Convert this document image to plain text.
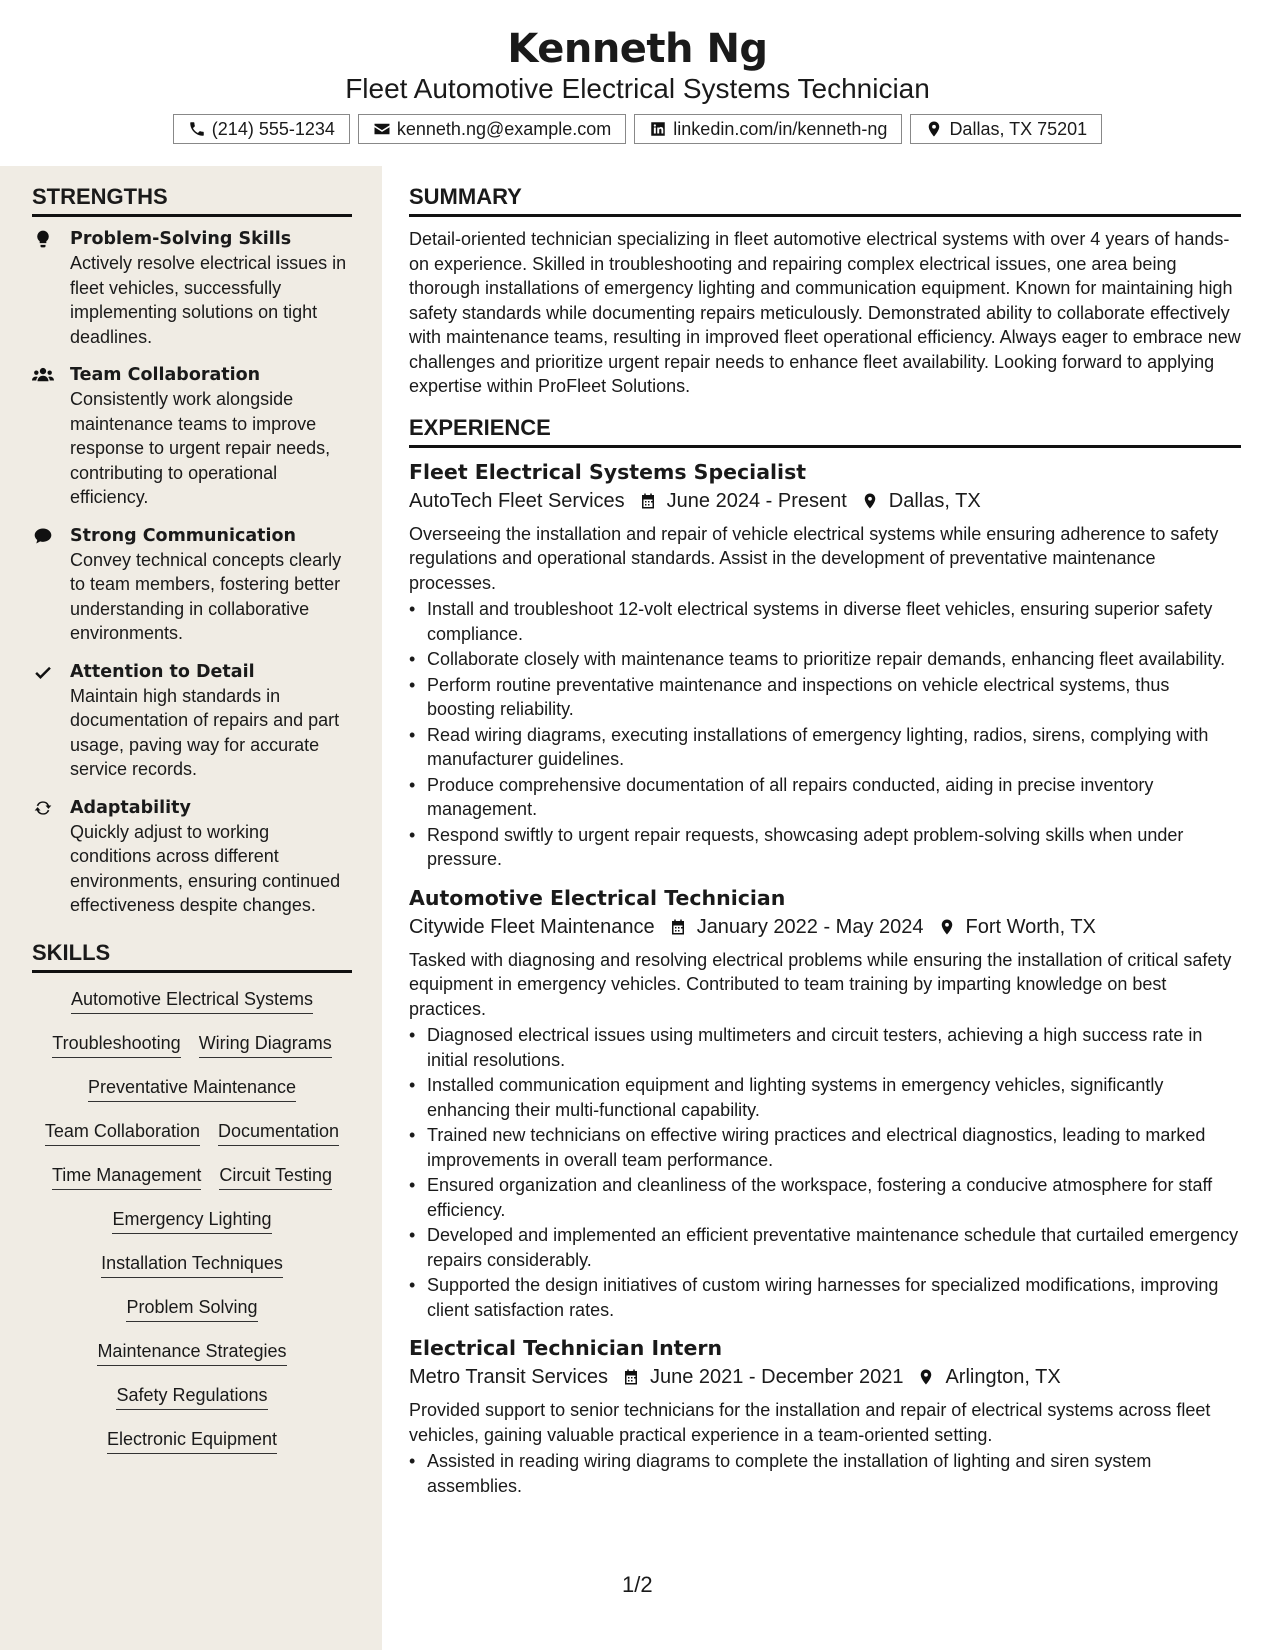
Kenneth Ng
Fleet Automotive Electrical Systems Technician
(214) 555-1234	kenneth.ng@example.com	linkedin.com/in/kenneth-ng	Dallas, TX 75201
STRENGTHS
Problem-Solving Skills
Actively resolve electrical issues in fleet vehicles, successfully implementing solutions on tight deadlines.
Team Collaboration
Consistently work alongside maintenance teams to improve response to urgent repair needs, contributing to operational efficiency.
Strong Communication
Convey technical concepts clearly to team members, fostering better understanding in collaborative environments.
Attention to Detail
Maintain high standards in documentation of repairs and part usage, paving way for accurate service records.
Adaptability
Quickly adjust to working conditions across different environments, ensuring continued effectiveness despite changes.
SKILLS
Automotive Electrical Systems
Troubleshooting Wiring Diagrams
Preventative Maintenance
Team Collaboration Documentation
Time Management Circuit Testing
Emergency Lighting
Installation Techniques
Problem Solving
Maintenance Strategies
Safety Regulations
Electronic Equipment
SUMMARY

Detail-oriented technician specializing in fleet automotive electrical systems with over 4 years of hands-on experience. Skilled in troubleshooting and repairing complex electrical issues, one area being thorough installations of emergency lighting and communication equipment. Known for maintaining high safety standards while documenting repairs meticulously. Demonstrated ability to collaborate effectively with maintenance teams, resulting in improved fleet operational efficiency. Always eager to embrace new challenges and prioritize urgent repair needs to enhance fleet availability. Looking forward to applying expertise within ProFleet Solutions.

EXPERIENCE
Fleet Electrical Systems Specialist
AutoTech Fleet Services June 2024 - Present Dallas, TX

Overseeing the installation and repair of vehicle electrical systems while ensuring adherence to safety regulations and operational standards. Assist in the development of preventative maintenance processes.

• Install and troubleshoot 12-volt electrical systems in diverse fleet vehicles, ensuring superior safety compliance.
• Collaborate closely with maintenance teams to prioritize repair demands, enhancing fleet availability.
• Perform routine preventative maintenance and inspections on vehicle electrical systems, thus boosting reliability.
• Read wiring diagrams, executing installations of emergency lighting, radios, sirens, complying with manufacturer guidelines.
• Produce comprehensive documentation of all repairs conducted, aiding in precise inventory management.
• Respond swiftly to urgent repair requests, showcasing adept problem-solving skills when under pressure.
Automotive Electrical Technician
Citywide Fleet Maintenance January 2022 - May 2024 Fort Worth, TX

Tasked with diagnosing and resolving electrical problems while ensuring the installation of critical safety equipment in emergency vehicles. Contributed to team training by imparting knowledge on best practices.

• Diagnosed electrical issues using multimeters and circuit testers, achieving a high success rate in initial resolutions.
• Installed communication equipment and lighting systems in emergency vehicles, significantly enhancing their multi-functional capability.
• Trained new technicians on effective wiring practices and electrical diagnostics, leading to marked improvements in overall team performance.
• Ensured organization and cleanliness of the workspace, fostering a conducive atmosphere for staff efficiency.
• Developed and implemented an efficient preventative maintenance schedule that curtailed emergency repairs considerably.
• Supported the design initiatives of custom wiring harnesses for specialized modifications, improving client satisfaction rates.
Electrical Technician Intern
Metro Transit Services June 2021 - December 2021 Arlington, TX

Provided support to senior technicians for the installation and repair of electrical systems across fleet vehicles, gaining valuable practical experience in a team-oriented setting.

• Assisted in reading wiring diagrams to complete the installation of lighting and siren system assemblies.
1/2
